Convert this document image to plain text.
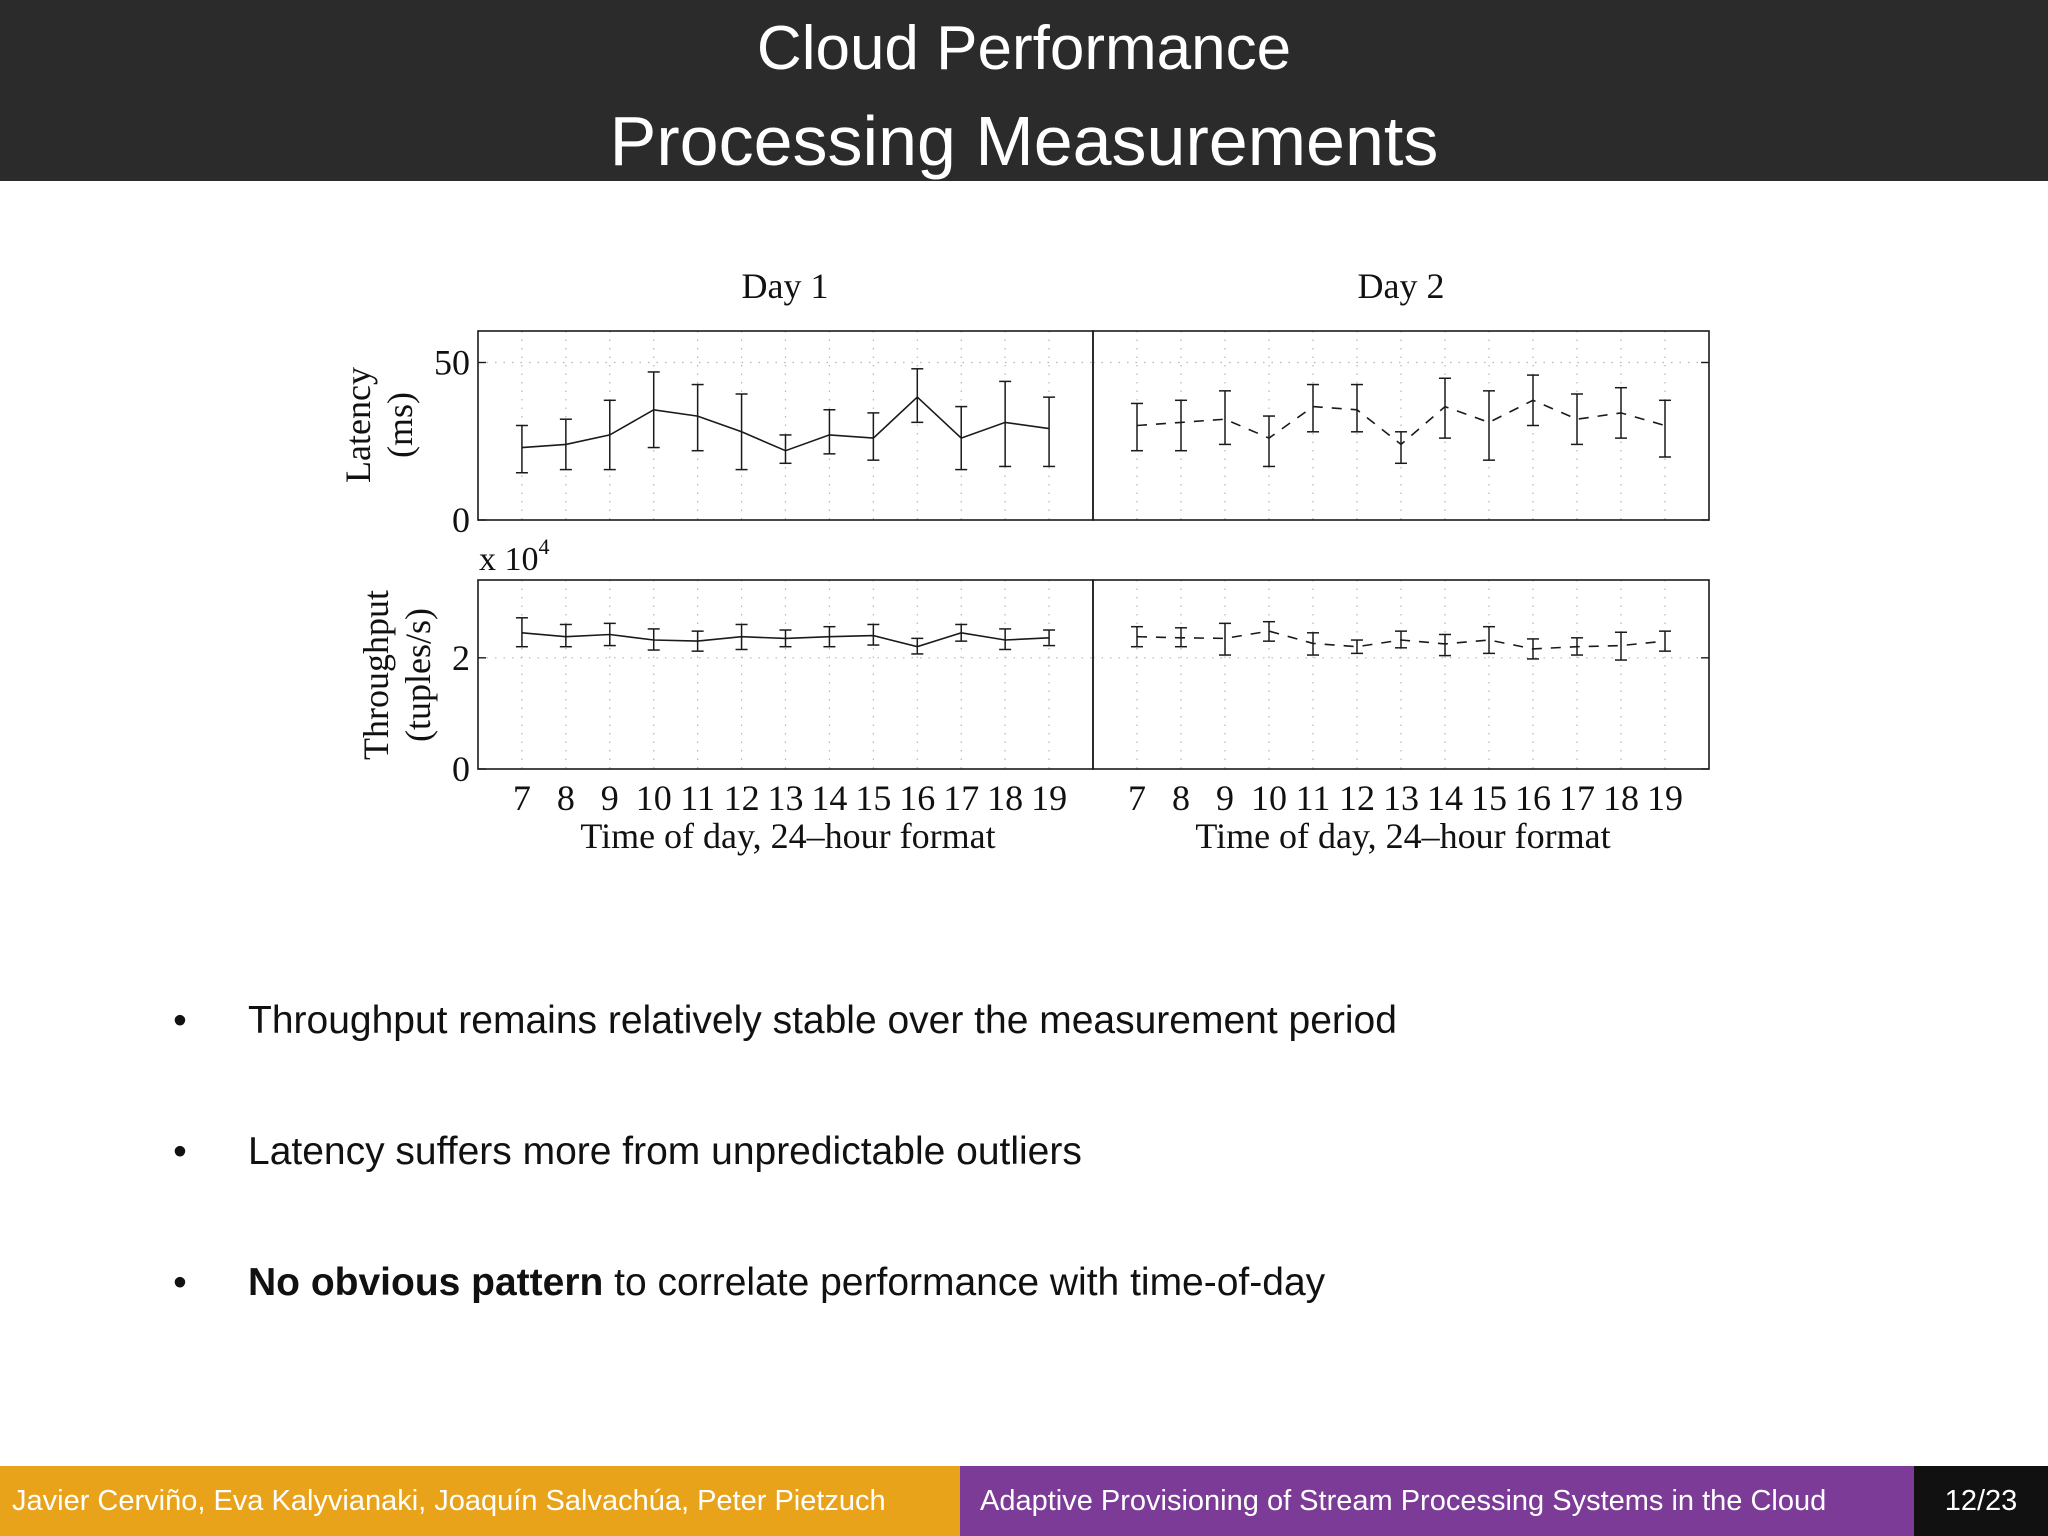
Cloud Performance
Processing Measurements
Day 1	Day 2
Latency(ms)
Throughput(tuples/s)
x $10^4$
0
50
0
2
7 8 9 10 11 12 13 14 15 16 17 18 19 7 8 9 10 11 12 13 14 15 16 17 18 19
Time of day, 24–hour format	Time of day, 24–hour format
• Throughput remains relatively stable over the measurement period
• Latency suffers more from unpredictable outliers
• No obvious pattern to correlate performance with time-of-day
Javier Cerviño, Eva Kalyvianaki, Joaquín Salvachúa, Peter Pietzuch	Adaptive Provisioning of Stream Processing Systems in the Cloud	12/23
